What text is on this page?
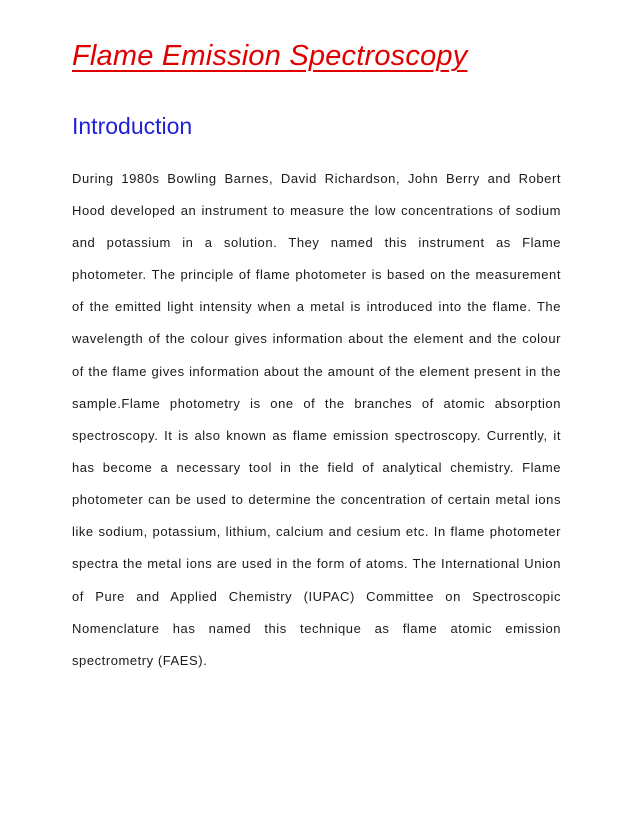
Flame Emission Spectroscopy
Introduction

During 1980s Bowling Barnes, David Richardson, John Berry and Robert

Hood developed an instrument to measure the low concentrations of sodium

and potassium in a solution. They named this instrument as Flame

photometer. The principle of flame photometer is based on the measurement

of the emitted light intensity when a metal is introduced into the flame. The

wavelength of the colour gives information about the element and the colour

of the flame gives information about the amount of the element present in the

sample.Flame photometry is one of the branches of atomic absorption

spectroscopy. It is also known as flame emission spectroscopy. Currently, it

has become a necessary tool in the field of analytical chemistry. Flame

photometer can be used to determine the concentration of certain metal ions

like sodium, potassium, lithium, calcium and cesium etc. In flame photometer

spectra the metal ions are used in the form of atoms. The International Union

of Pure and Applied Chemistry (IUPAC) Committee on Spectroscopic

Nomenclature has named this technique as flame atomic emission

spectrometry (FAES).
